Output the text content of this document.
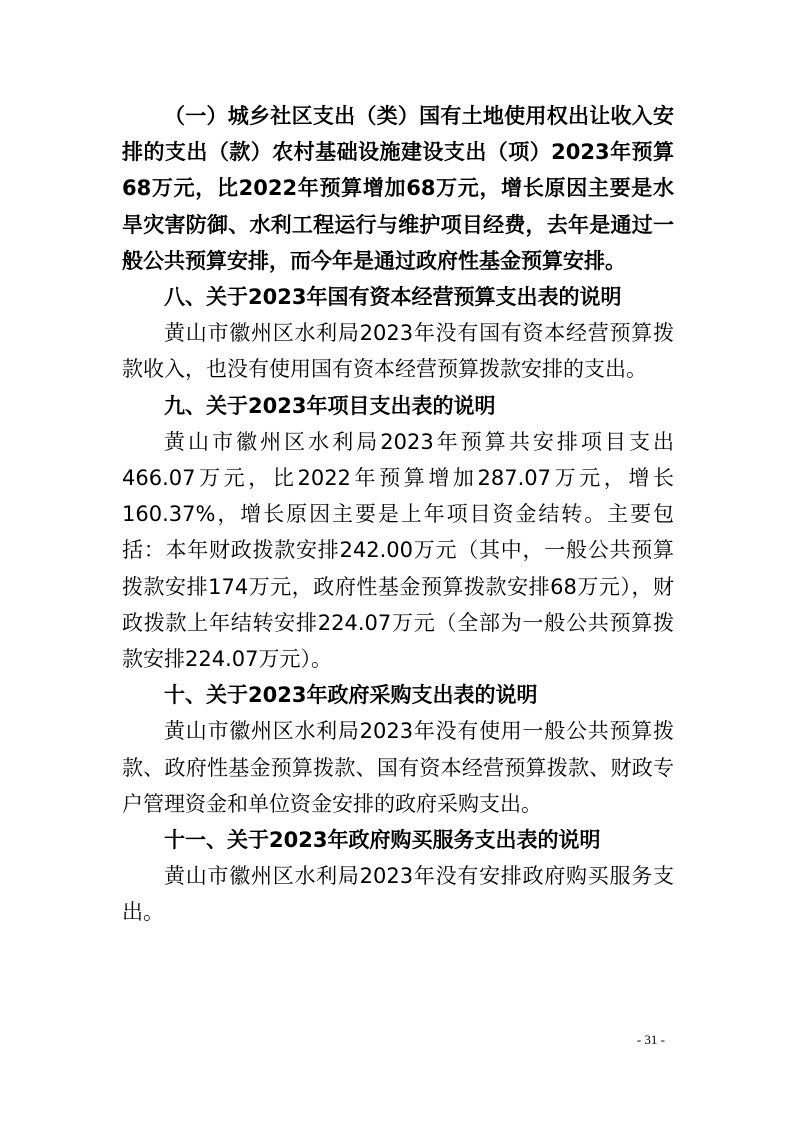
（一）城乡社区支出（类）国有土地使用权出让收入安排的支出（款）农村基础设施建设支出（项）2023年预算68万元，比2022年预算增加68万元，增长原因主要是水旱灾害防御、水利工程运行与维护项目经费，去年是通过一般公共预算安排，而今年是通过政府性基金预算安排。

八、关于2023年国有资本经营预算支出表的说明

黄山市徽州区水利局2023年没有国有资本经营预算拨款收入，也没有使用国有资本经营预算拨款安排的支出。

九、关于2023年项目支出表的说明

黄山市徽州区水利局2023年预算共安排项目支出466.07万元，比2022年预算增加287.07万元，增长160.37%，增长原因主要是上年项目资金结转。主要包括：本年财政拨款安排242.00万元（其中，一般公共预算拨款安排174万元，政府性基金预算拨款安排68万元），财政拨款上年结转安排224.07万元（全部为一般公共预算拨款安排224.07万元）。

十、关于2023年政府采购支出表的说明

黄山市徽州区水利局2023年没有使用一般公共预算拨款、政府性基金预算拨款、国有资本经营预算拨款、财政专户管理资金和单位资金安排的政府采购支出。

十一、关于2023年政府购买服务支出表的说明

黄山市徽州区水利局2023年没有安排政府购买服务支出。

- 31 -
